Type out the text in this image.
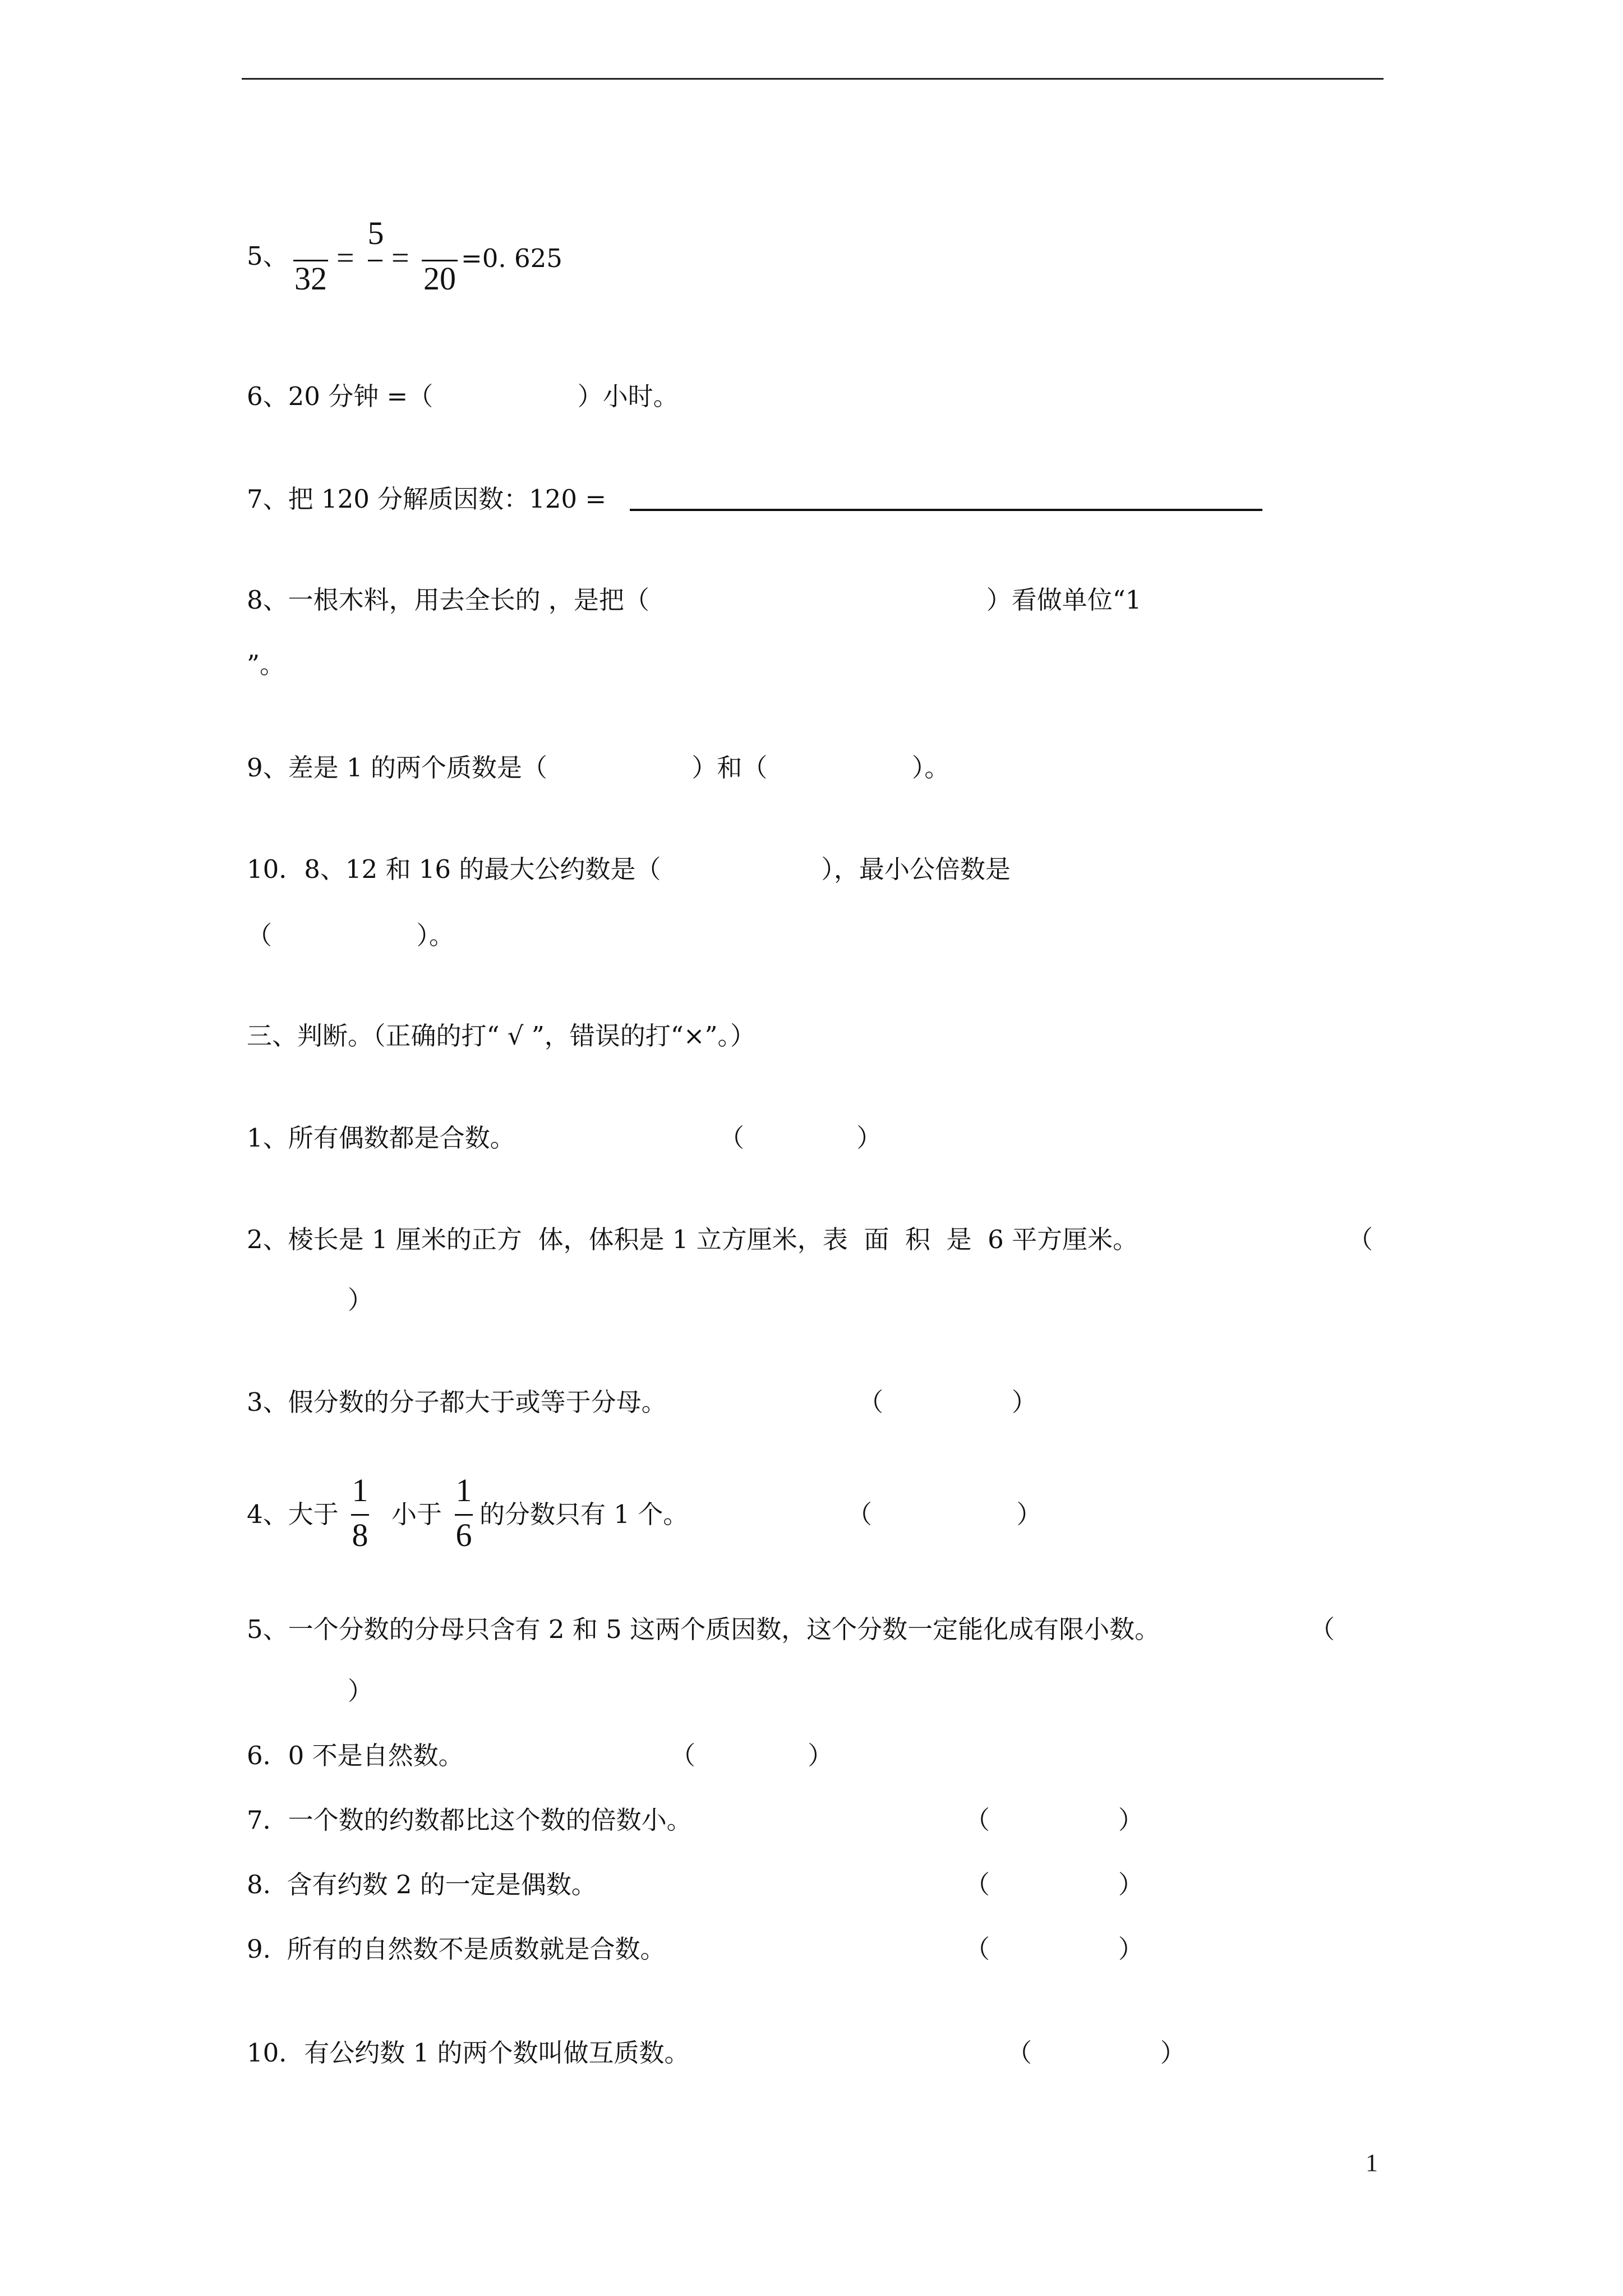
5、
32
=
5
=
20
=0. 625
6、20 分钟 =（                  ）小时。
7、把 120 分解质因数：120 =
8、一根木料，用去全长的 ，是把（                                          ）看做单位“1
”。
9、差是 1 的两个质数是（                  ）和（                  ）。
10．8、12 和 16 的最大公约数是（                    ），最小公倍数是
（                  ）。
三、判断。（正确的打“ √ ”，错误的打“×”。）
1、所有偶数都是合数。	（              ）
2、棱长是 1 厘米的正方  体，体积是 1 立方厘米，表  面  积  是  6 平方厘米。	（
）
3、假分数的分子都大于或等于分母。	（                ）
4、大于
1
8
小于
1
6
的分数只有 1 个。	（                  ）
5、一个分数的分母只含有 2 和 5 这两个质因数，这个分数一定能化成有限小数。	（
）
6．0 不是自然数。	（              ）
7．一个数的约数都比这个数的倍数小。	（                ）
8.  含有约数 2 的一定是偶数。	（                ）
9.  所有的自然数不是质数就是合数。	（                ）
10．有公约数 1 的两个数叫做互质数。	（                ）
1
